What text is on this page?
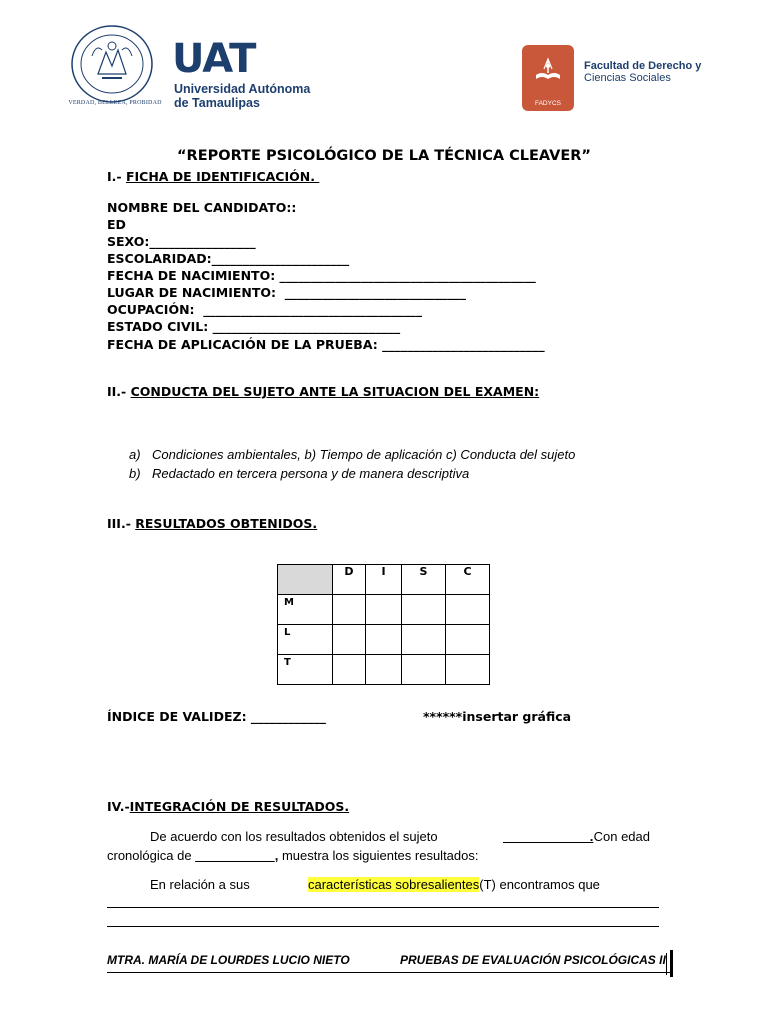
VERDAD, BELLEZA, PROBIDAD
UAT
Universidad Autónoma
de Tamaulipas	FADYCS
Facultad de Derecho y
Ciencias Sociales
“REPORTE PSICOLÓGICO DE LA TÉCNICA CLEAVER”
I.- FICHA DE IDENTIFICACIÓN.
NOMBRE DEL CANDIDATO::
ED
SEXO:_________________
ESCOLARIDAD:______________________
FECHA DE NACIMIENTO: _________________________________________
LUGAR DE NACIMIENTO:  _____________________________
OCUPACIÓN:  ___________________________________
ESTADO CIVIL: ______________________________
FECHA DE APLICACIÓN DE LA PRUEBA: __________________________
II.- CONDUCTA DEL SUJETO ANTE LA SITUACION DEL EXAMEN:
a) Condiciones ambientales, b) Tiempo de aplicación c) Conducta del sujeto
b) Redactado en tercera persona y de manera descriptiva
III.- RESULTADOS OBTENIDOS.
	D	I	S	C
M				
L				
T				
ÍNDICE DE VALIDEZ: ____________	******insertar gráfica
IV.-INTEGRACIÓN DE RESULTADOS.
De acuerdo con los resultados obtenidos el sujeto	____________.
Con edad
cronológica de ___________, muestra los siguientes resultados:
En relación a sus	características sobresalientes(T) encontramos que
MTRA. MARÍA DE LOURDES LUCIO NIETO	PRUEBAS DE EVALUACIÓN PSICOLÓGICAS II
